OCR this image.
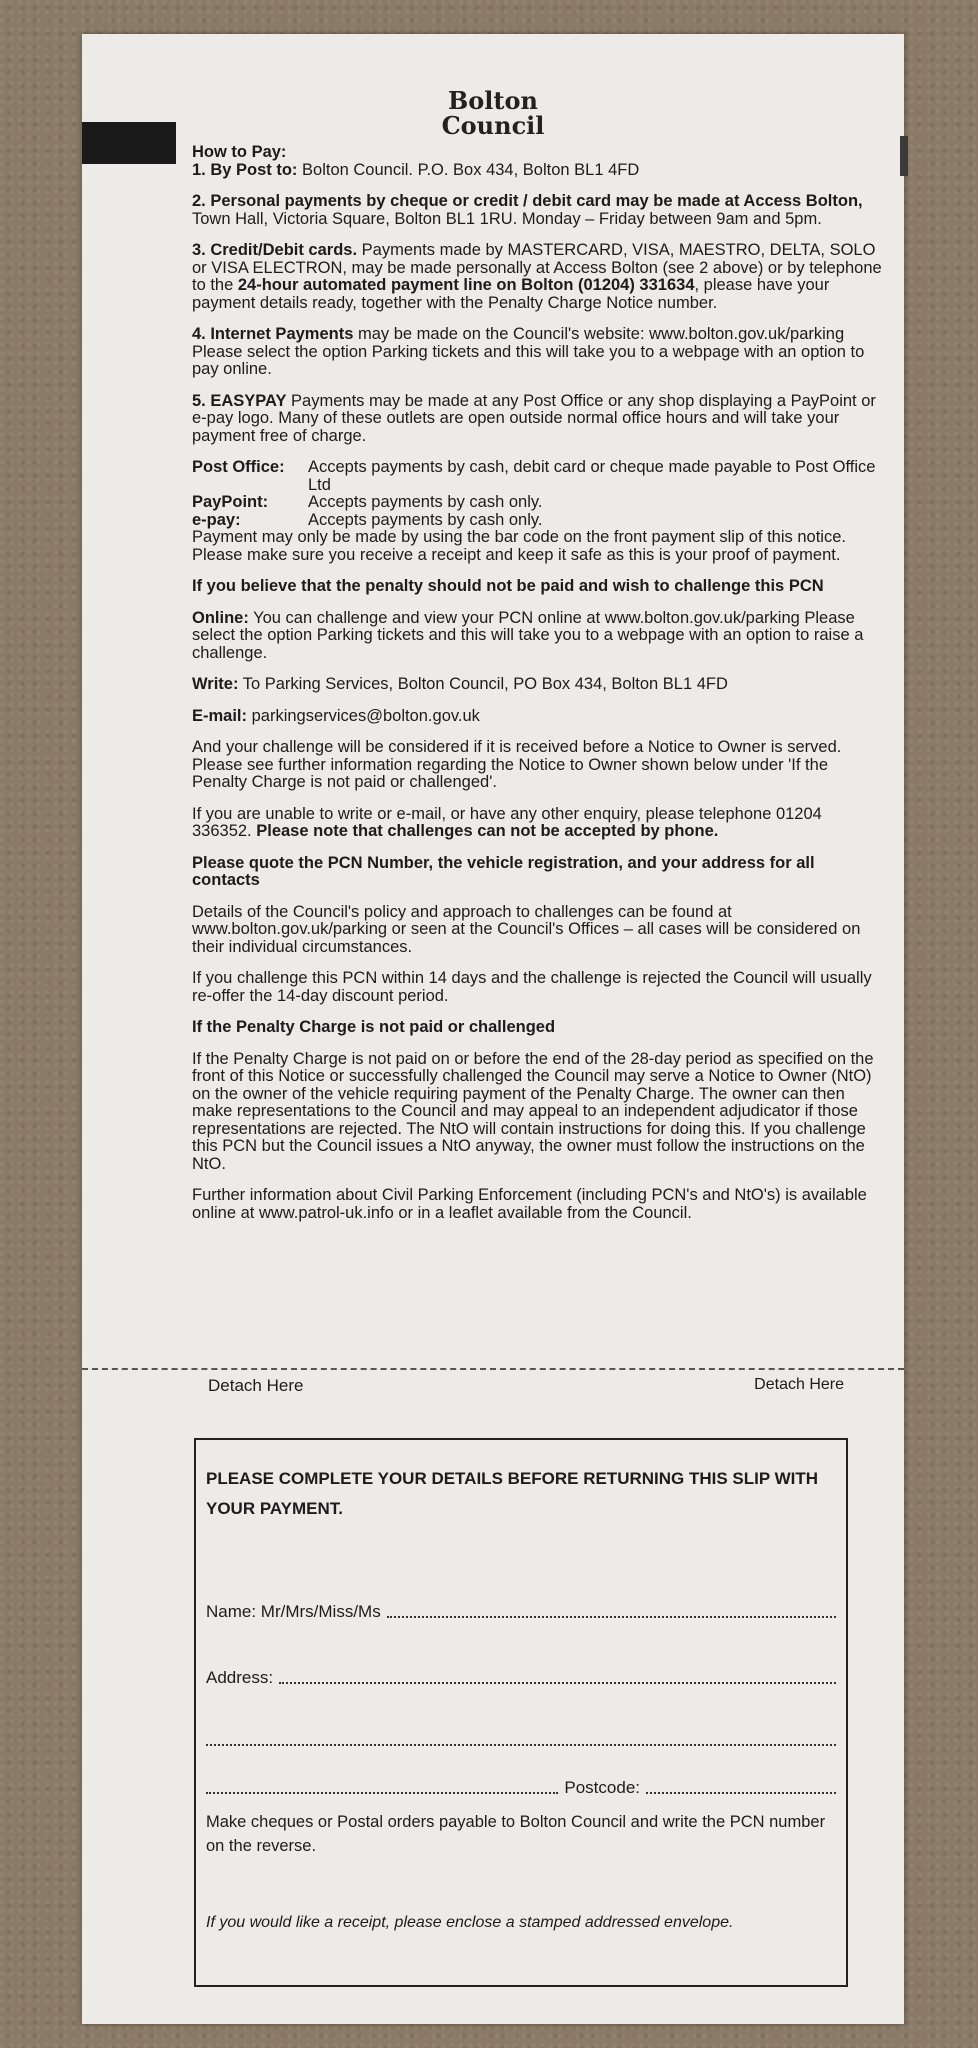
Bolton
Council

How to Pay:
1. By Post to: Bolton Council. P.O. Box 434, Bolton BL1 4FD

2. Personal payments by cheque or credit / debit card may be made at Access Bolton, Town Hall, Victoria Square, Bolton BL1 1RU. Monday – Friday between 9am and 5pm.

3. Credit/Debit cards. Payments made by MASTERCARD, VISA, MAESTRO, DELTA, SOLO or VISA ELECTRON, may be made personally at Access Bolton (see 2 above) or by telephone to the 24-hour automated payment line on Bolton (01204) 331634, please have your payment details ready, together with the Penalty Charge Notice number.

4. Internet Payments may be made on the Council's website: www.bolton.gov.uk/parking Please select the option Parking tickets and this will take you to a webpage with an option to pay online.

5. EASYPAY Payments may be made at any Post Office or any shop displaying a PayPoint or e-pay logo. Many of these outlets are open outside normal office hours and will take your payment free of charge.

Post Office:	Accepts payments by cash, debit card or cheque made payable to Post Office Ltd
PayPoint:	Accepts payments by cash only.
e-pay:	Accepts payments by cash only.

Payment may only be made by using the bar code on the front payment slip of this notice. Please make sure you receive a receipt and keep it safe as this is your proof of payment.

If you believe that the penalty should not be paid and wish to challenge this PCN

Online: You can challenge and view your PCN online at www.bolton.gov.uk/parking Please select the option Parking tickets and this will take you to a webpage with an option to raise a challenge.

Write: To Parking Services, Bolton Council, PO Box 434, Bolton BL1 4FD

E-mail: parkingservices@bolton.gov.uk

And your challenge will be considered if it is received before a Notice to Owner is served. Please see further information regarding the Notice to Owner shown below under 'If the Penalty Charge is not paid or challenged'.

If you are unable to write or e-mail, or have any other enquiry, please telephone 01204 336352. Please note that challenges can not be accepted by phone.

Please quote the PCN Number, the vehicle registration, and your address for all contacts

Details of the Council's policy and approach to challenges can be found at www.bolton.gov.uk/parking or seen at the Council's Offices – all cases will be considered on their individual circumstances.

If you challenge this PCN within 14 days and the challenge is rejected the Council will usually re-offer the 14-day discount period.

If the Penalty Charge is not paid or challenged

If the Penalty Charge is not paid on or before the end of the 28-day period as specified on the front of this Notice or successfully challenged the Council may serve a Notice to Owner (NtO) on the owner of the vehicle requiring payment of the Penalty Charge. The owner can then make representations to the Council and may appeal to an independent adjudicator if those representations are rejected. The NtO will contain instructions for doing this. If you challenge this PCN but the Council issues a NtO anyway, the owner must follow the instructions on the NtO.

Further information about Civil Parking Enforcement (including PCN's and NtO's) is available online at www.patrol-uk.info or in a leaflet available from the Council.

Detach Here	Detach Here
PLEASE COMPLETE YOUR DETAILS BEFORE RETURNING THIS SLIP WITH YOUR PAYMENT.
Name: Mr/Mrs/Miss/Ms
Address:
Postcode:
Make cheques or Postal orders payable to Bolton Council and write the PCN number on the reverse.
If you would like a receipt, please enclose a stamped addressed envelope.
